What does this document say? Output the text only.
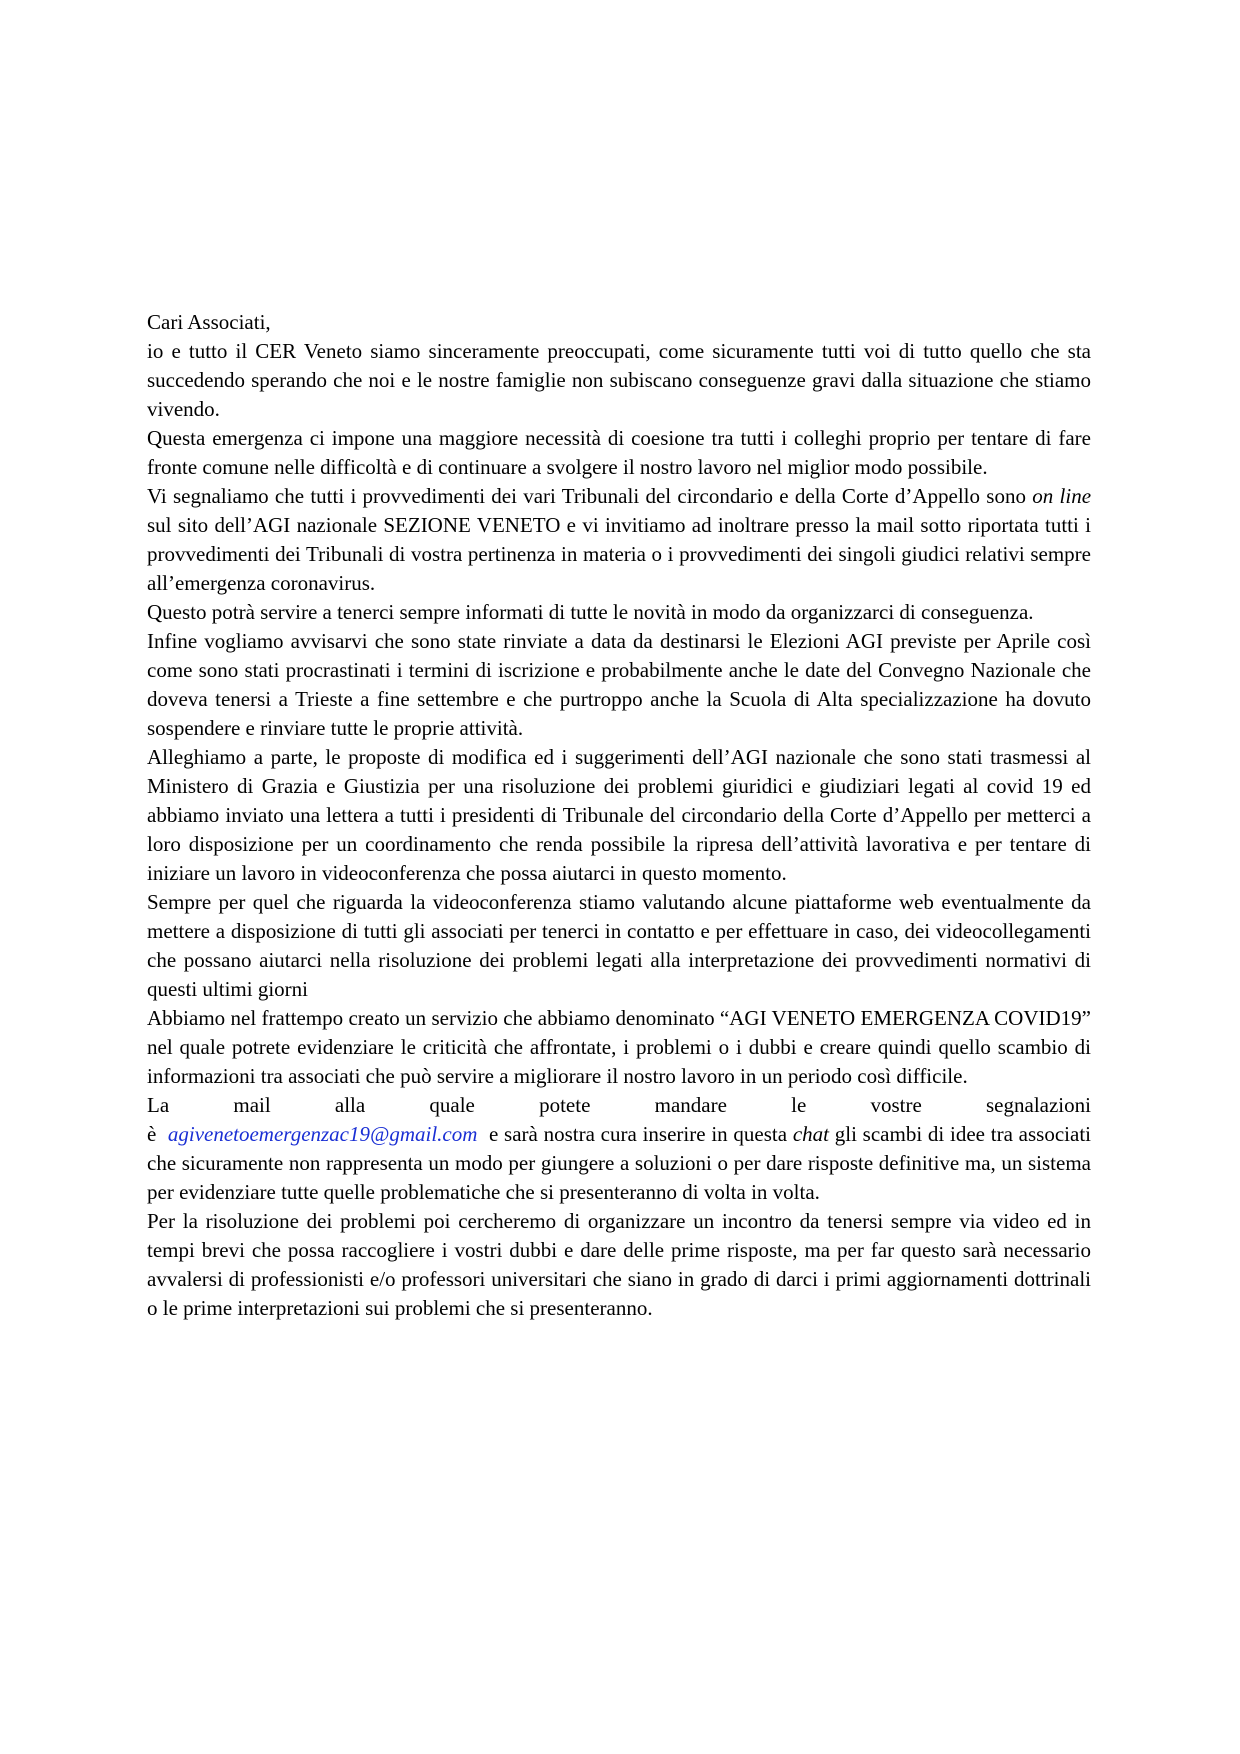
Cari Associati,

io e tutto il CER Veneto siamo sinceramente preoccupati, come sicuramente tutti voi di tutto quello che sta succedendo sperando che noi e le nostre famiglie non subiscano conseguenze gravi dalla situazione che stiamo vivendo.

Questa emergenza ci impone una maggiore necessità di coesione tra tutti i colleghi proprio per tentare di fare fronte comune nelle difficoltà e di continuare a svolgere il nostro lavoro nel miglior modo possibile.

Vi segnaliamo che tutti i provvedimenti dei vari Tribunali del circondario e della Corte d’Appello sono on line sul sito dell’AGI nazionale SEZIONE VENETO e vi invitiamo ad inoltrare presso la mail sotto riportata tutti i provvedimenti dei Tribunali di vostra pertinenza in materia o i provvedimenti dei singoli giudici relativi sempre all’emergenza coronavirus.

Questo potrà servire a tenerci sempre informati di tutte le novità in modo da organizzarci di conseguenza.

Infine vogliamo avvisarvi che sono state rinviate a data da destinarsi le Elezioni AGI previste per Aprile così come sono stati procrastinati i termini di iscrizione e probabilmente anche le date del Convegno Nazionale che doveva tenersi a Trieste a fine settembre e che purtroppo anche la Scuola di Alta specializzazione ha dovuto sospendere e rinviare tutte le proprie attività.

Alleghiamo a parte, le proposte di modifica ed i suggerimenti dell’AGI nazionale che sono stati trasmessi al Ministero di Grazia e Giustizia per una risoluzione dei problemi giuridici e giudiziari legati al covid 19 ed abbiamo inviato una lettera a tutti i presidenti di Tribunale del circondario della Corte d’Appello per metterci a loro disposizione per un coordinamento che renda possibile la ripresa dell’attività lavorativa e per tentare di iniziare un lavoro in videoconferenza che possa aiutarci in questo momento.

Sempre per quel che riguarda la videoconferenza stiamo valutando alcune piattaforme web eventualmente da mettere a disposizione di tutti gli associati per tenerci in contatto e per effettuare in caso, dei videocollegamenti che possano aiutarci nella risoluzione dei problemi legati alla interpretazione dei provvedimenti normativi di questi ultimi giorni

Abbiamo nel frattempo creato un servizio che abbiamo denominato “AGI VENETO EMERGENZA COVID19” nel quale potrete evidenziare le criticità che affrontate, i problemi o i dubbi e creare quindi quello scambio di informazioni tra associati che può servire a migliorare il nostro lavoro in un periodo così difficile.

La	mail	alla	quale	potete	mandare	le	vostre	segnalazioni

è agivenetoemergenzac19@gmail.com e sarà nostra cura inserire in questa chat gli scambi di idee tra associati che sicuramente non rappresenta un modo per giungere a soluzioni o per dare risposte definitive ma, un sistema per evidenziare tutte quelle problematiche che si presenteranno di volta in volta.

Per la risoluzione dei problemi poi cercheremo di organizzare un incontro da tenersi sempre via video ed in tempi brevi che possa raccogliere i vostri dubbi e dare delle prime risposte, ma per far questo sarà necessario avvalersi di professionisti e/o professori universitari che siano in grado di darci i primi aggiornamenti dottrinali o le prime interpretazioni sui problemi che si presenteranno.
